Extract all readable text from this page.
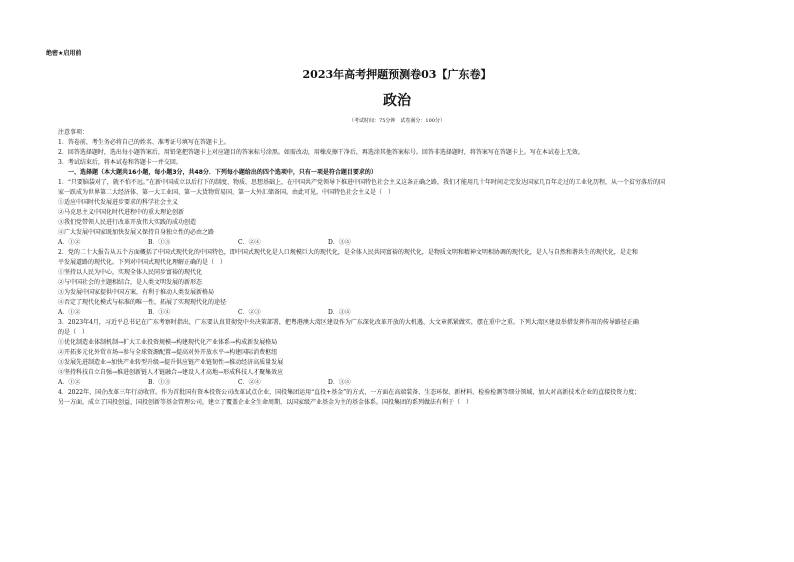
绝密★启用前
2023年高考押题预测卷03【广东卷】
政治
（考试时间：75分钟　试卷满分：100分）
注意事项：
1．答卷前，考生务必将自己的姓名、准考证号填写在答题卡上。
2．回答选择题时，选出每小题答案后，用铅笔把答题卡上对应题目的答案标号涂黑。如需改动，用橡皮擦干净后，再选涂其他答案标号。回答非选择题时，将答案写在答题卡上。写在本试卷上无效。
3．考试结束后，将本试卷和答题卡一并交回。
一、选择题（本大题共16小题，每小题3分，共48分．下列每小题给出的四个选项中，只有一项是符合题目要求的）
1．“只要脑袋对了，就不怕不远。”在新中国成立以后打下的制度、物质、思想基础上，在中国共产党领导下推进中国特色社会主义这条正确之路，我们才能用几十年时间走完发达国家几百年走过的工业化历程，从一个贫穷落后的国
家一跃成为世界第二大经济体、第一大工业国、第一大货物贸易国、第一大外汇储备国。由此可见，中国特色社会主义是（　）
①适应中国时代发展进步要求的科学社会主义
②马克思主义中国化时代进程中的重大理论创新
③我们党带领人民进行改革开放伟大实践的成功创造
④广大发展中国家既加快发展又保持自身独立性的必由之路
A．①②	B．①③	C．②④	D．③④
2．党的二十大报告从五个方面概括了中国式现代化的中国特色，即中国式现代化是人口规模巨大的现代化，是全体人民共同富裕的现代化，是物质文明和精神文明相协调的现代化，是人与自然和谐共生的现代化，是走和
平发展道路的现代化。下列对中国式现代化理解正确的是（　）
①坚持以人民为中心，实现全体人民同步富裕的现代化
②与中国社会的主题相结合，是人类文明发展的新形态
③为发展中国家提供中国方案，有利于推动人类发展新格局
④否定了现代化模式与标准的唯一性，拓展了实现现代化的途径
A．①②	B．①④	C．②③	D．③④
3．2023年4月，习近平总书记在广东考察时指出，广东要认真贯彻党中央决策部署，把粤港澳大湾区建设作为广东深化改革开放的大机遇、大文章抓紧做实，摆在重中之重。下列大湾区建设举措发挥作用的传导路径正确
的是（　）
①优化制造业体制机制→扩大工业投资规模→构建现代化产业体系→构成新发展格局
②开拓多元化外贸市场→参与全球资源配置→提高对外开放水平→构建国际消费枢纽
③发展先进制造业→加快产业转型升级→提升供应链产业链韧性→推动经济高质量发展
④坚持科技自立自强→推进创新链人才链融合→建设人才高地→形成科技人才聚集效应
A．①②	B．①③	C．②④	D．③④
4．2022年，国企改革三年行动收官。作为首批国有资本投资公司改革试点企业，国投集团运用“直投+基金”的方式，一方面在高端装备、生态环保、新材料、检验检测等细分领域，加大对高新技术企业的直接投资力度；
另一方面，成立了国投创益、国投创新等基金管理公司，建立了覆盖企业全生命周期、以国家级产业基金为主的基金体系。国投集团的系列做法有利于（　）
